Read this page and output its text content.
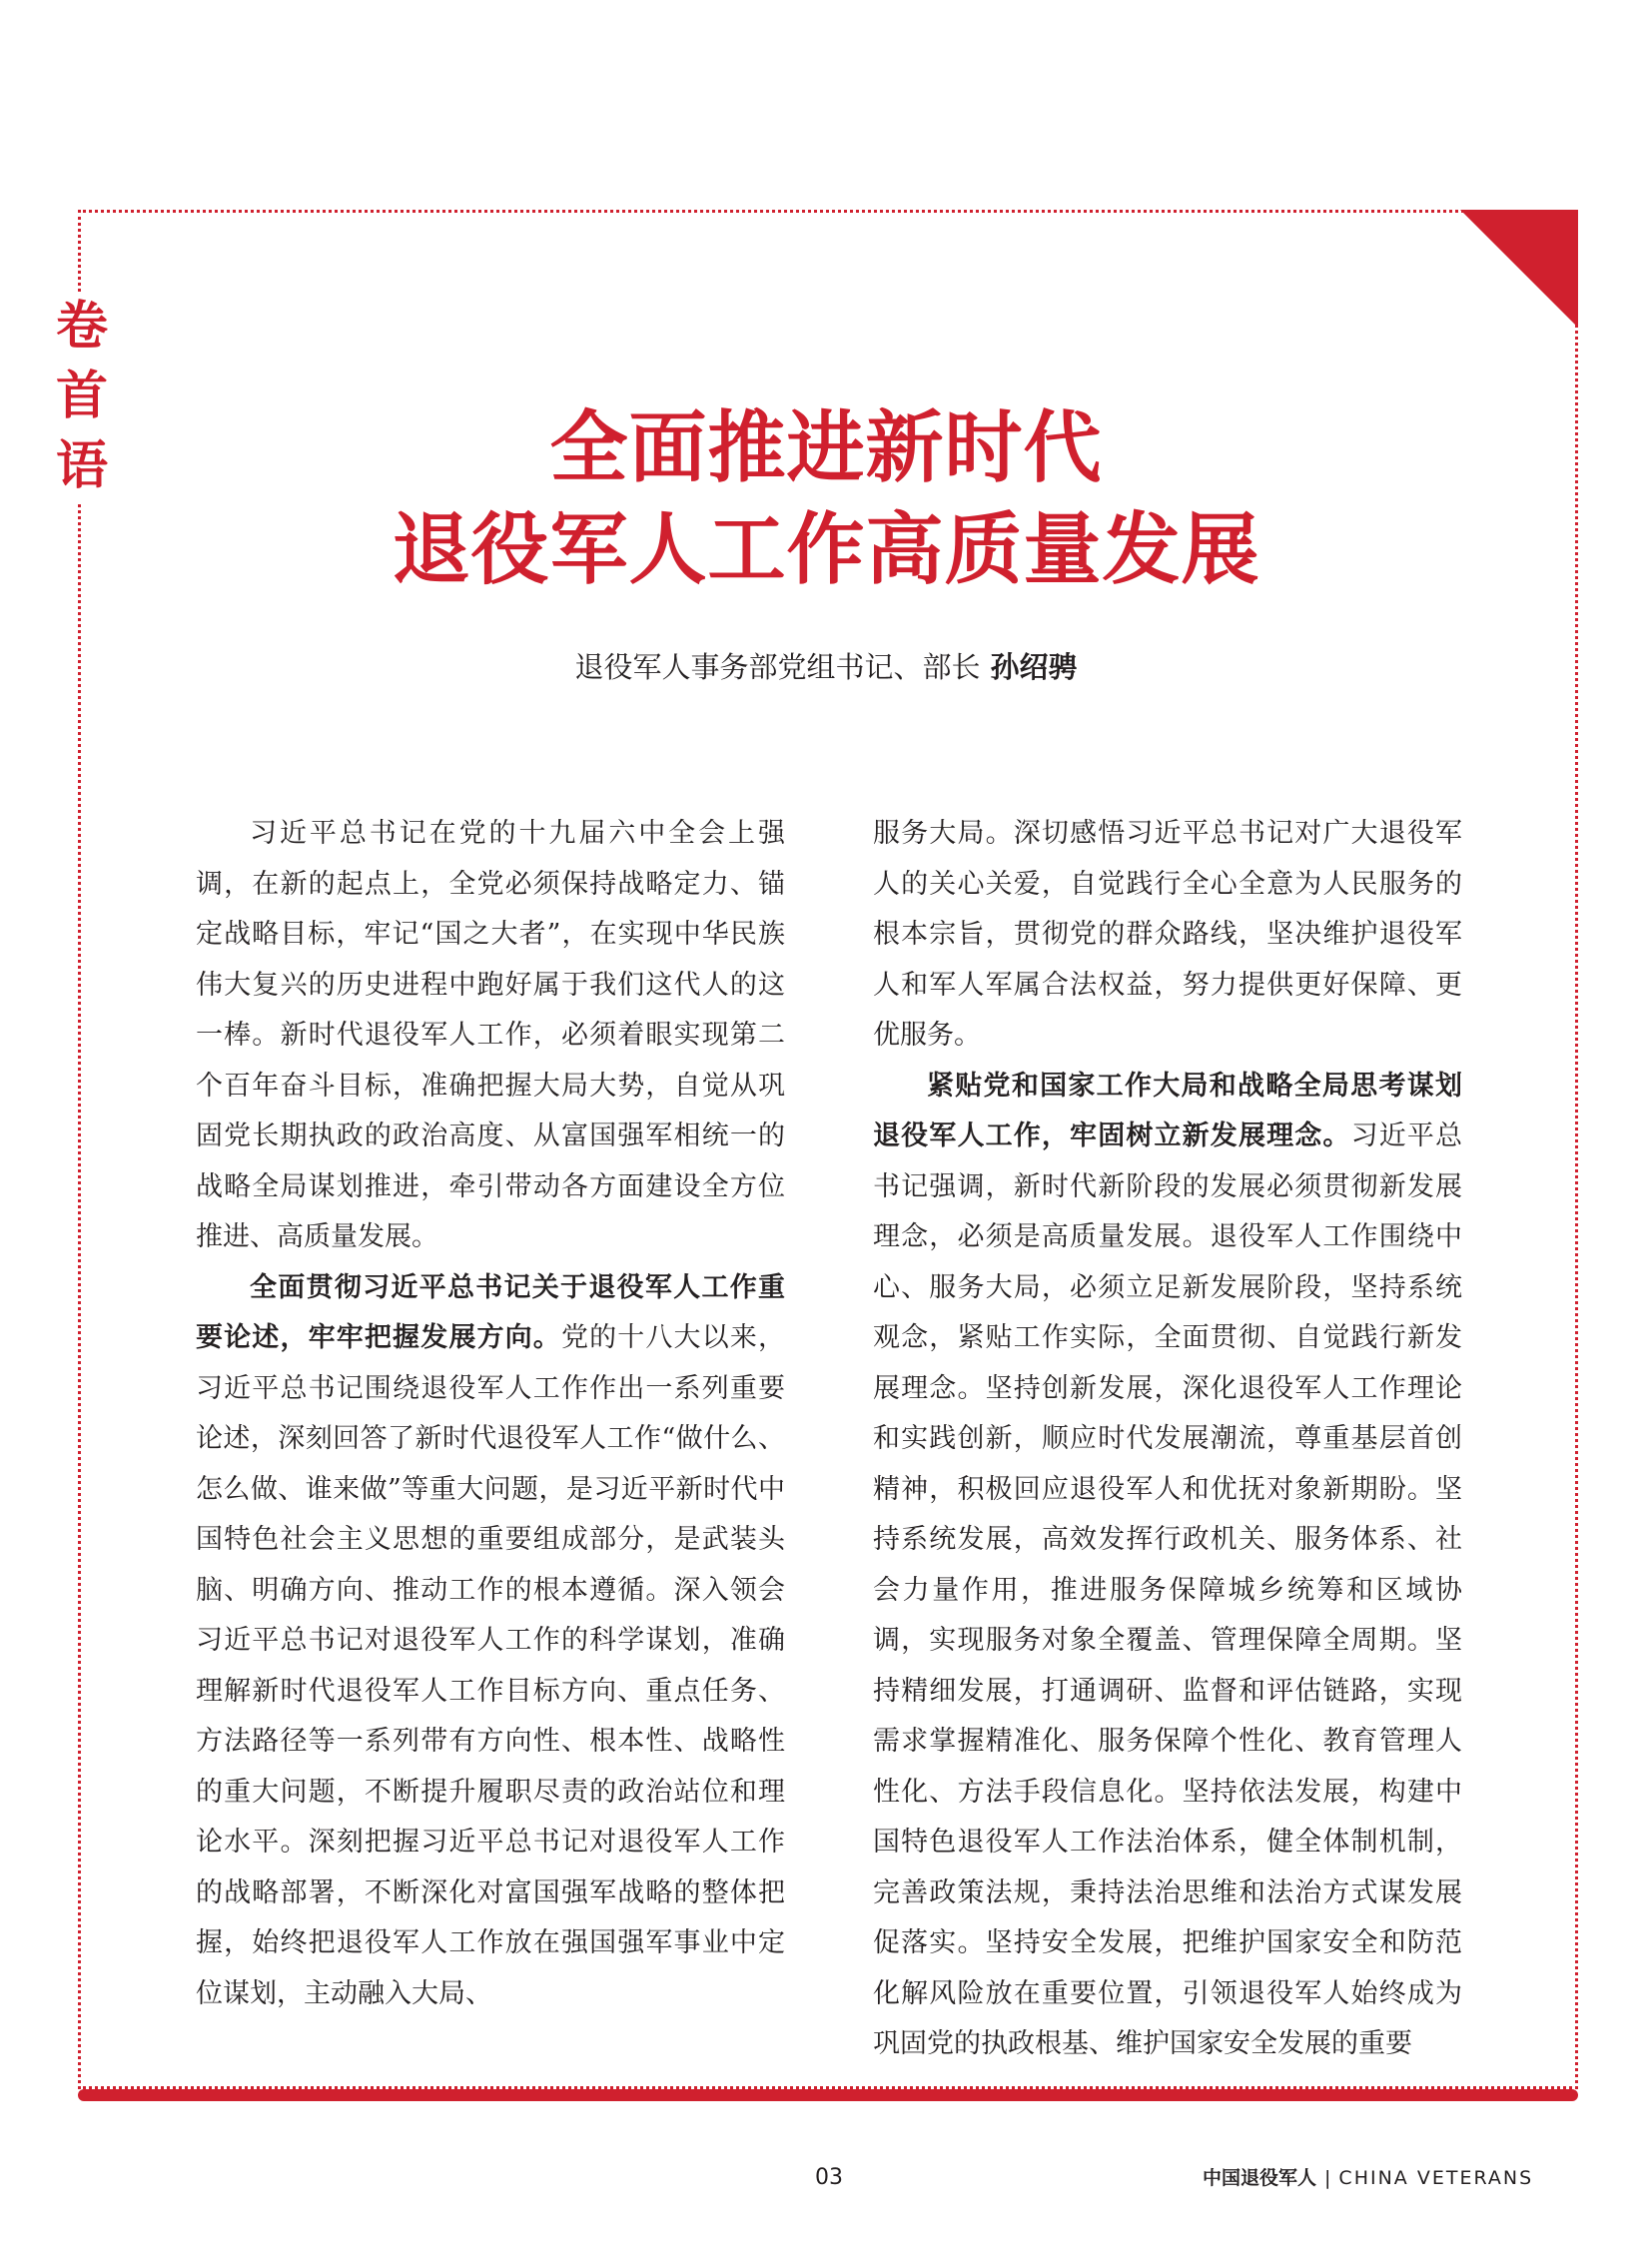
卷
首
语	全面推进新时代
退役军人工作高质量发展
退役军人事务部党组书记、部长 孙绍骋

习近平总书记在党的十九届六中全会上强调，在新的起点上，全党必须保持战略定力、锚定战略目标，牢记“国之大者”，在实现中华民族伟大复兴的历史进程中跑好属于我们这代人的这一棒。新时代退役军人工作，必须着眼实现第二个百年奋斗目标，准确把握大局大势，自觉从巩固党长期执政的政治高度、从富国强军相统一的战略全局谋划推进，牵引带动各方面建设全方位推进、高质量发展。

全面贯彻习近平总书记关于退役军人工作重要论述，牢牢把握发展方向。党的十八大以来，习近平总书记围绕退役军人工作作出一系列重要论述，深刻回答了新时代退役军人工作“做什么、怎么做、谁来做”等重大问题，是习近平新时代中国特色社会主义思想的重要组成部分，是武装头脑、明确方向、推动工作的根本遵循。深入领会习近平总书记对退役军人工作的科学谋划，准确理解新时代退役军人工作目标方向、重点任务、方法路径等一系列带有方向性、根本性、战略性的重大问题，不断提升履职尽责的政治站位和理论水平。深刻把握习近平总书记对退役军人工作的战略部署，不断深化对富国强军战略的整体把握，始终把退役军人工作放在强国强军事业中定位谋划，主动融入大局、

服务大局。深切感悟习近平总书记对广大退役军人的关心关爱，自觉践行全心全意为人民服务的根本宗旨，贯彻党的群众路线，坚决维护退役军人和军人军属合法权益，努力提供更好保障、更优服务。

紧贴党和国家工作大局和战略全局思考谋划退役军人工作，牢固树立新发展理念。习近平总书记强调，新时代新阶段的发展必须贯彻新发展理念，必须是高质量发展。退役军人工作围绕中心、服务大局，必须立足新发展阶段，坚持系统观念，紧贴工作实际，全面贯彻、自觉践行新发展理念。坚持创新发展，深化退役军人工作理论和实践创新，顺应时代发展潮流，尊重基层首创精神，积极回应退役军人和优抚对象新期盼。坚持系统发展，高效发挥行政机关、服务体系、社会力量作用，推进服务保障城乡统筹和区域协调，实现服务对象全覆盖、管理保障全周期。坚持精细发展，打通调研、监督和评估链路，实现需求掌握精准化、服务保障个性化、教育管理人性化、方法手段信息化。坚持依法发展，构建中国特色退役军人工作法治体系，健全体制机制，完善政策法规，秉持法治思维和法治方式谋发展促落实。坚持安全发展，把维护国家安全和防范化解风险放在重要位置，引领退役军人始终成为巩固党的执政根基、维护国家安全发展的重要

03	中国退役军人 | CHINA VETERANS
